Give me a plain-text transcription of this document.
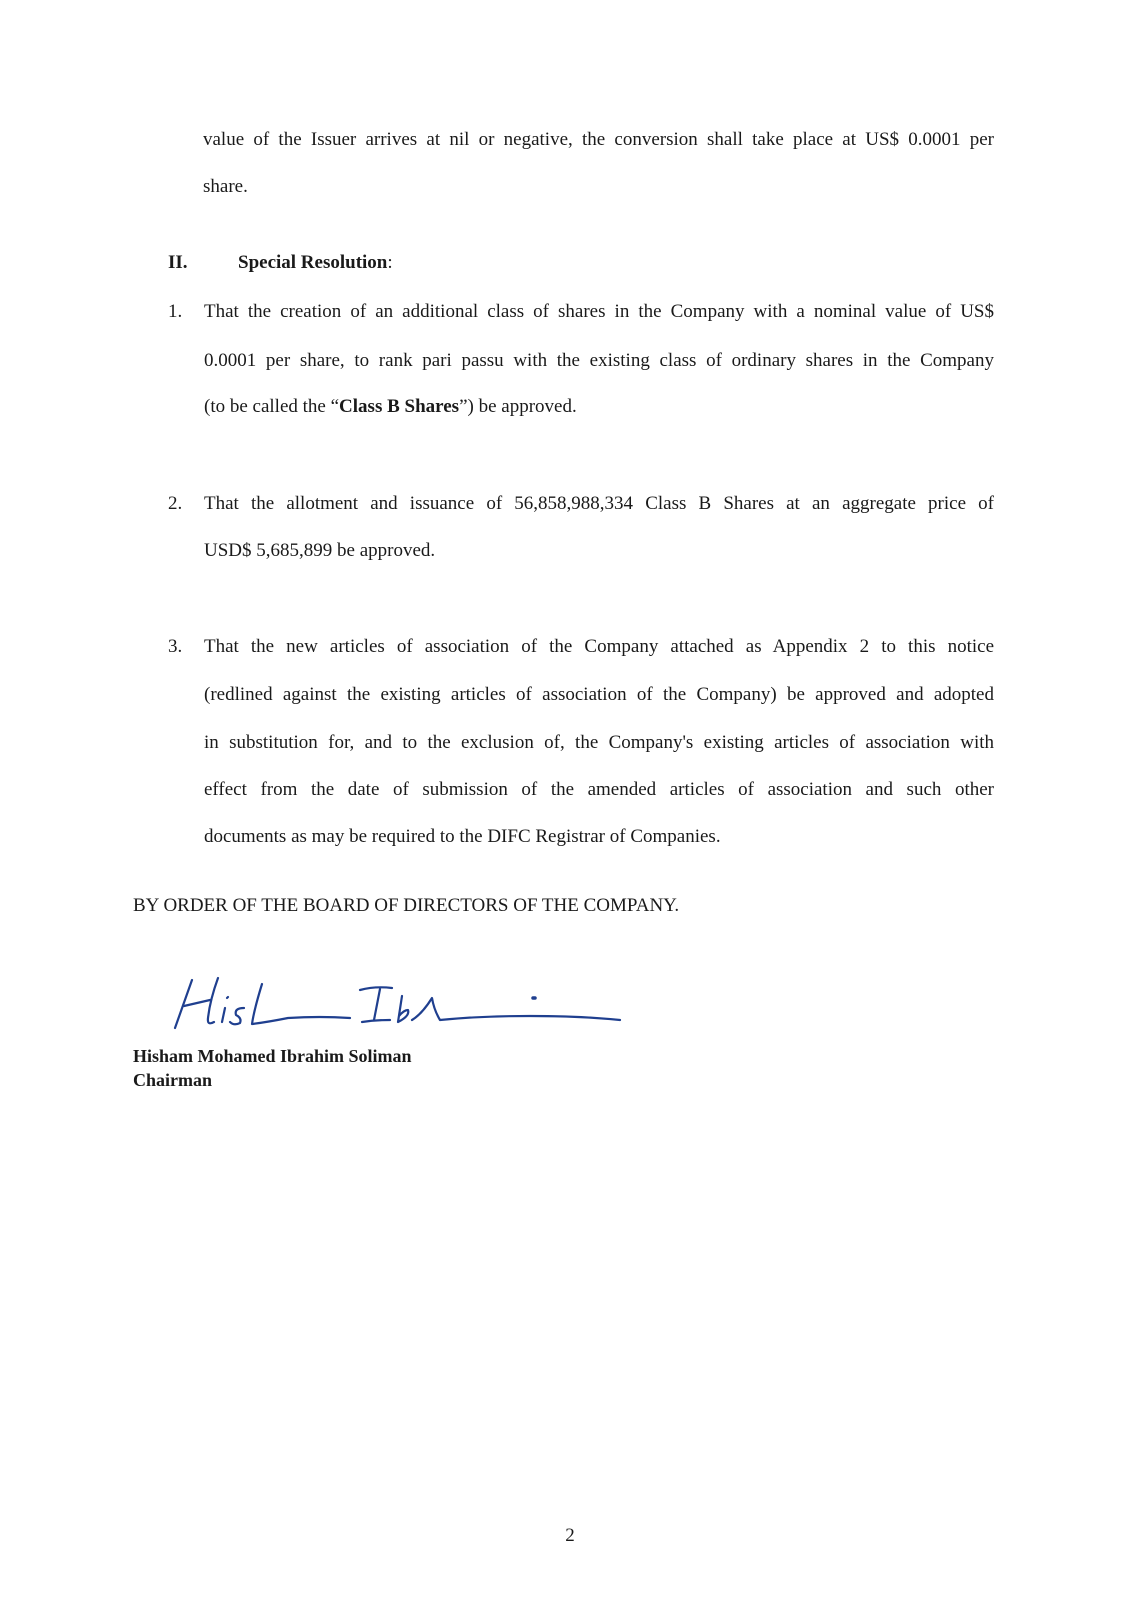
value of the Issuer arrives at nil or negative, the conversion shall take place at US$ 0.0001 per
share.
II.	Special Resolution:
1. That the creation of an additional class of shares in the Company with a nominal value of US$
0.0001 per share, to rank pari passu with the existing class of ordinary shares in the Company
(to be called the “Class B Shares”) be approved.
2. That the allotment and issuance of 56,858,988,334 Class B Shares at an aggregate price of
USD$ 5,685,899 be approved.
3. That the new articles of association of the Company attached as Appendix 2 to this notice
(redlined against the existing articles of association of the Company) be approved and adopted
in substitution for, and to the exclusion of, the Company's existing articles of association with
effect from the date of submission of the amended articles of association and such other
documents as may be required to the DIFC Registrar of Companies.
BY ORDER OF THE BOARD OF DIRECTORS OF THE COMPANY.
Hisham Mohamed Ibrahim Soliman
Chairman
2
